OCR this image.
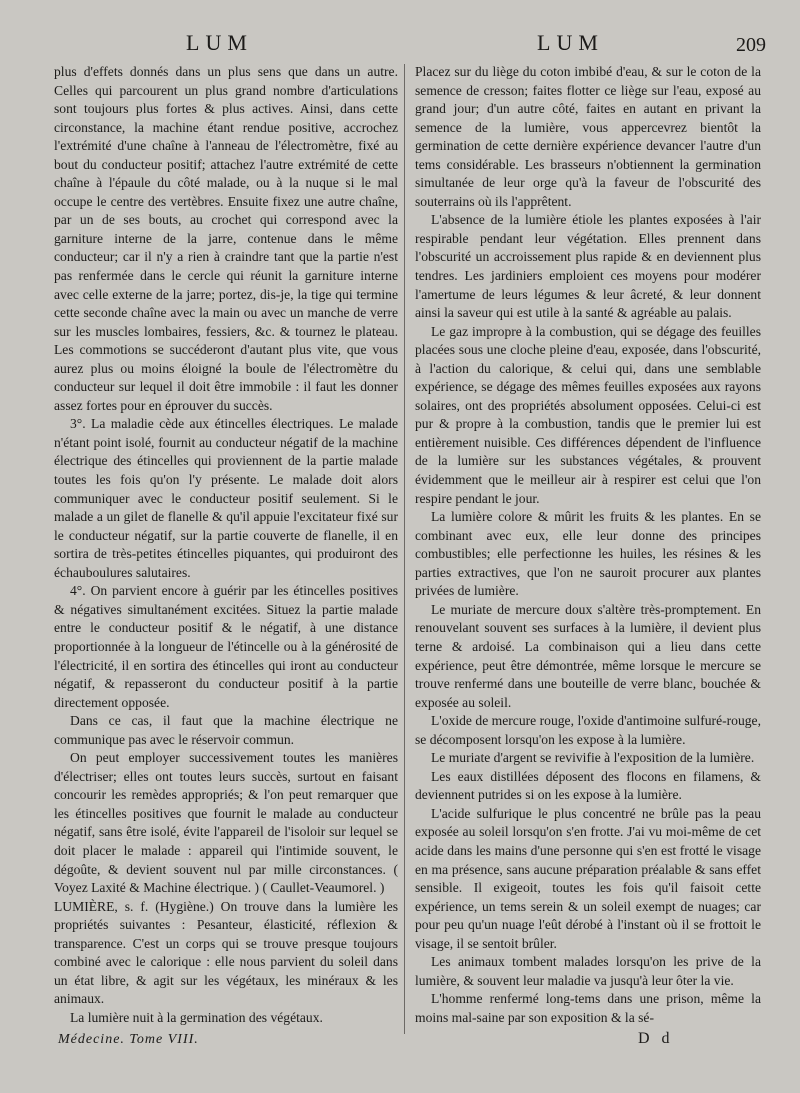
LUM	LUM	209

plus d'effets donnés dans un plus sens que dans un autre. Celles qui parcourent un plus grand nombre d'articulations sont toujours plus fortes & plus actives. Ainsi, dans cette circonstance, la machine étant rendue positive, accrochez l'extrémité d'une chaîne à l'anneau de l'électromètre, fixé au bout du conducteur positif; attachez l'autre extrémité de cette chaîne à l'épaule du côté malade, ou à la nuque si le mal occupe le centre des vertèbres. Ensuite fixez une autre chaîne, par un de ses bouts, au crochet qui correspond avec la garniture interne de la jarre, contenue dans le même conducteur; car il n'y a rien à craindre tant que la partie n'est pas renfermée dans le cercle qui réunit la garniture interne avec celle externe de la jarre; portez, dis-je, la tige qui termine cette seconde chaîne avec la main ou avec un manche de verre sur les muscles lombaires, fessiers, &c. & tournez le plateau. Les commotions se succéderont d'autant plus vite, que vous aurez plus ou moins éloigné la boule de l'électromètre du conducteur sur lequel il doit être immobile : il faut les donner assez fortes pour en éprouver du succès.

3°. La maladie cède aux étincelles électriques. Le malade n'étant point isolé, fournit au conducteur négatif de la machine électrique des étincelles qui proviennent de la partie malade toutes les fois qu'on l'y présente. Le malade doit alors communiquer avec le conducteur positif seulement. Si le malade a un gilet de flanelle & qu'il appuie l'excitateur fixé sur le conducteur négatif, sur la partie couverte de flanelle, il en sortira de très-petites étincelles piquantes, qui produiront des échauboulures salutaires.

4°. On parvient encore à guérir par les étincelles positives & négatives simultanément excitées. Situez la partie malade entre le conducteur positif & le négatif, à une distance proportionnée à la longueur de l'étincelle ou à la générosité de l'électricité, il en sortira des étincelles qui iront au conducteur négatif, & repasseront du conducteur positif à la partie directement opposée.

Dans ce cas, il faut que la machine électrique ne communique pas avec le réservoir commun.

On peut employer successivement toutes les manières d'électriser; elles ont toutes leurs succès, surtout en faisant concourir les remèdes appropriés; & l'on peut remarquer que les étincelles positives que fournit le malade au conducteur négatif, sans être isolé, évite l'appareil de l'isoloir sur lequel se doit placer le malade : appareil qui l'intimide souvent, le dégoûte, & devient souvent nul par mille circonstances. ( Voyez Laxité & Machine électrique. ) ( Caullet-Veaumorel. )

LUMIÈRE, s. f. (Hygiène.) On trouve dans la lumière les propriétés suivantes : Pesanteur, élasticité, réflexion & transparence. C'est un corps qui se trouve presque toujours combiné avec le calorique : elle nous parvient du soleil dans un état libre, & agit sur les végétaux, les minéraux & les animaux.

La lumière nuit à la germination des végétaux.

Placez sur du liège du coton imbibé d'eau, & sur le coton de la semence de cresson; faites flotter ce liège sur l'eau, exposé au grand jour; d'un autre côté, faites en autant en privant la semence de la lumière, vous appercevrez bientôt la germination de cette dernière expérience devancer l'autre d'un tems considérable. Les brasseurs n'obtiennent la germination simultanée de leur orge qu'à la faveur de l'obscurité des souterrains où ils l'apprêtent.

L'absence de la lumière étiole les plantes exposées à l'air respirable pendant leur végétation. Elles prennent dans l'obscurité un accroissement plus rapide & en deviennent plus tendres. Les jardiniers emploient ces moyens pour modérer l'amertume de leurs légumes & leur âcreté, & leur donnent ainsi la saveur qui est utile à la santé & agréable au palais.

Le gaz impropre à la combustion, qui se dégage des feuilles placées sous une cloche pleine d'eau, exposée, dans l'obscurité, à l'action du calorique, & celui qui, dans une semblable expérience, se dégage des mêmes feuilles exposées aux rayons solaires, ont des propriétés absolument opposées. Celui-ci est pur & propre à la combustion, tandis que le premier lui est entièrement nuisible. Ces différences dépendent de l'influence de la lumière sur les substances végétales, & prouvent évidemment que le meilleur air à respirer est celui que l'on respire pendant le jour.

La lumière colore & mûrit les fruits & les plantes. En se combinant avec eux, elle leur donne des principes combustibles; elle perfectionne les huiles, les résines & les parties extractives, que l'on ne sauroit procurer aux plantes privées de lumière.

Le muriate de mercure doux s'altère très-promptement. En renouvelant souvent ses surfaces à la lumière, il devient plus terne & ardoisé. La combinaison qui a lieu dans cette expérience, peut être démontrée, même lorsque le mercure se trouve renfermé dans une bouteille de verre blanc, bouchée & exposée au soleil.

L'oxide de mercure rouge, l'oxide d'antimoine sulfuré-rouge, se décomposent lorsqu'on les expose à la lumière.

Le muriate d'argent se revivifie à l'exposition de la lumière.

Les eaux distillées déposent des flocons en filamens, & deviennent putrides si on les expose à la lumière.

L'acide sulfurique le plus concentré ne brûle pas la peau exposée au soleil lorsqu'on s'en frotte. J'ai vu moi-même de cet acide dans les mains d'une personne qui s'en est frotté le visage en ma présence, sans aucune préparation préalable & sans effet sensible. Il exigeoit, toutes les fois qu'il faisoit cette expérience, un tems serein & un soleil exempt de nuages; car pour peu qu'un nuage l'eût dérobé à l'instant où il se frottoit le visage, il se sentoit brûler.

Les animaux tombent malades lorsqu'on les prive de la lumière, & souvent leur maladie va jusqu'à leur ôter la vie.

L'homme renfermé long-tems dans une prison, même la moins mal-saine par son exposition & la sé-

Médecine. Tome VIII.	D d
